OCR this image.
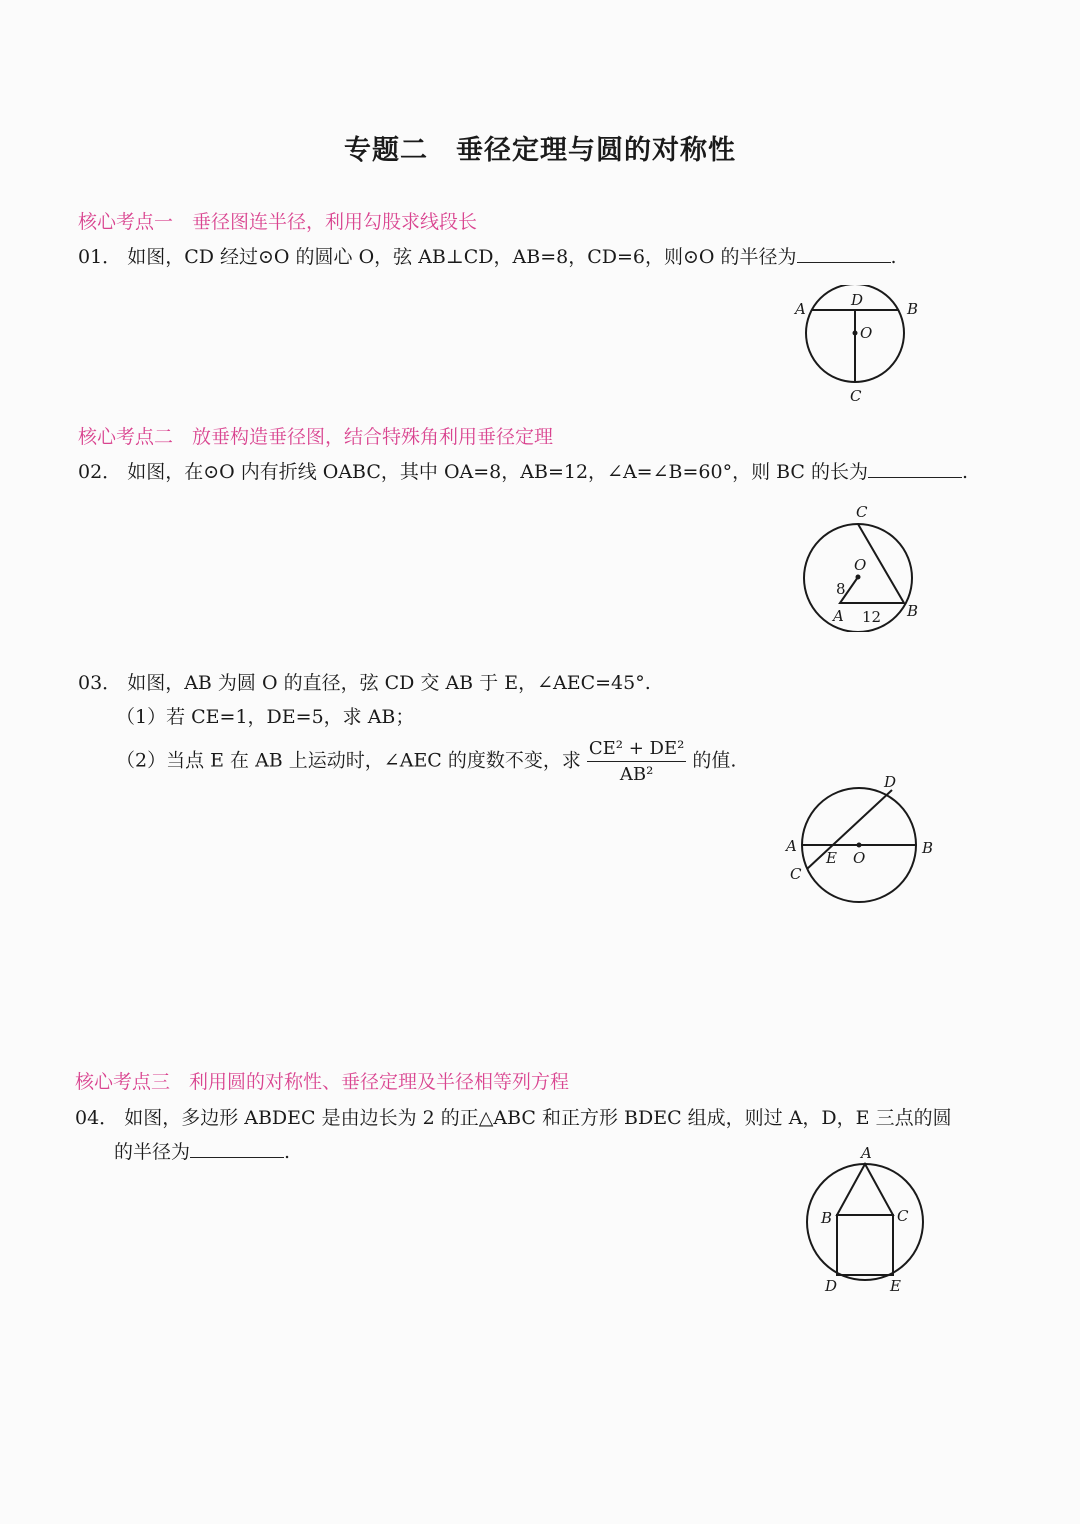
专题二　垂径定理与圆的对称性
核心考点一　垂径图连半径，利用勾股求线段长
01． 如图，CD 经过⊙O 的圆心 O，弦 AB⊥CD，AB=8，CD=6，则⊙O 的半径为	.
A	D	B
O
C
核心考点二　放垂构造垂径图，结合特殊角利用垂径定理
02． 如图，在⊙O 内有折线 OABC，其中 OA=8，AB=12，∠A=∠B=60°，则 BC 的长为	.
C
O
8
A 12 B
03． 如图，AB 为圆 O 的直径，弦 CD 交 AB 于 E，∠AEC=45°.
（1）若 CE=1，DE=5，求 AB；
（2）当点 E 在 AB 上运动时，∠AEC 的度数不变，求 $\frac{\text{CE² + DE²}}{\text{AB²}}$ 的值.
D
A
E O
B
C
核心考点三　利用圆的对称性、垂径定理及半径相等列方程
04． 如图，多边形 ABDEC 是由边长为 2 的正△ABC 和正方形 BDEC 组成，则过 A，D，E 三点的圆
的半径为	.	A
B	C
D	E
